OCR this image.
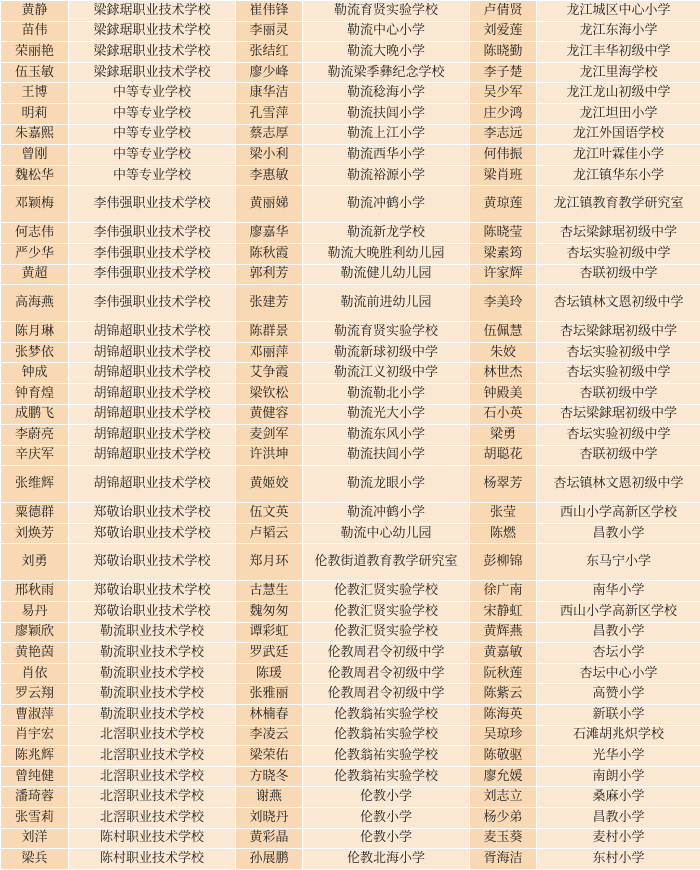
黄静	梁銶琚职业技术学校	崔伟锋	勒流育贤实验学校	卢倩贤	龙江城区中心小学
苗伟	梁銶琚职业技术学校	李丽灵	勒流中心小学	刘爱莲	龙江东海小学
荣丽艳	梁銶琚职业技术学校	张结红	勒流大晚小学	陈晓勤	龙江丰华初级中学
伍玉敏	梁銶琚职业技术学校	廖少峰	勒流梁季彝纪念学校	李子楚	龙江里海学校
王博	中等专业学校	康华洁	勒流稔海小学	吴少军	龙江龙山初级中学
明莉	中等专业学校	孔雪萍	勒流扶闾小学	庄少鸿	龙江坦田小学
朱嘉熙	中等专业学校	蔡志厚	勒流上江小学	李志远	龙江外国语学校
曾刚	中等专业学校	梁小利	勒流西华小学	何伟振	龙江叶霖佳小学
魏松华	中等专业学校	李惠敏	勒流裕源小学	梁肖班	龙江镇华东小学
邓颖梅	李伟强职业技术学校	黄丽娣	勒流冲鹤小学	黄琼莲	龙江镇教育教学研究室
何志伟	李伟强职业技术学校	廖嘉华	勒流新龙学校	陈晓莹	杏坛梁銶琚初级中学
严少华	李伟强职业技术学校	陈秋霞	勒流大晚胜利幼儿园	梁素筠	杏坛实验初级中学
黄超	李伟强职业技术学校	郭利芳	勒流健儿幼儿园	许家辉	杏联初级中学
高海燕	李伟强职业技术学校	张建芳	勒流前进幼儿园	李美玲	杏坛镇林文恩初级中学
陈月琳	胡锦超职业技术学校	陈群景	勒流育贤实验学校	伍佩慧	杏坛梁銶琚初级中学
张梦依	胡锦超职业技术学校	邓丽萍	勒流新球初级中学	朱姣	杏坛实验初级中学
钟成	胡锦超职业技术学校	艾争霞	勒流江义初级中学	林世杰	杏坛实验初级中学
钟育煌	胡锦超职业技术学校	梁钦松	勒流勒北小学	钟殿美	杏联初级中学
成鹏飞	胡锦超职业技术学校	黄健容	勒流光大小学	石小英	杏坛梁銶琚初级中学
李蔚亮	胡锦超职业技术学校	麦剑军	勒流东风小学	梁勇	杏坛实验初级中学
辛庆军	胡锦超职业技术学校	许洪坤	勒流扶闾小学	胡聪花	杏联初级中学
张维辉	胡锦超职业技术学校	黄姬姣	勒流龙眼小学	杨翠芳	杏坛镇林文恩初级中学
粟德群	郑敬诒职业技术学校	伍文英	勒流冲鹤小学	张莹	西山小学高新区学校
刘焕芳	郑敬诒职业技术学校	卢韬云	勒流中心幼儿园	陈燃	昌教小学
刘勇	郑敬诒职业技术学校	郑月环	伦教街道教育教学研究室	彭柳锦	东马宁小学
邢秋雨	郑敬诒职业技术学校	古慧生	伦教汇贤实验学校	徐广南	南华小学
易丹	郑敬诒职业技术学校	魏匆匆	伦教汇贤实验学校	宋静虹	西山小学高新区学校
廖颖欣	勒流职业技术学校	谭彩虹	伦教汇贤实验学校	黄辉燕	昌教小学
黄艳茵	勒流职业技术学校	罗武廷	伦教周君令初级中学	黄嘉敏	杏坛小学
肖依	勒流职业技术学校	陈瑗	伦教周君令初级中学	阮秋莲	杏坛中心小学
罗云翔	勒流职业技术学校	张雅丽	伦教周君令初级中学	陈紫云	高赞小学
曹淑萍	勒流职业技术学校	林楠春	伦教翁祐实验学校	陈海英	新联小学
肖宇宏	北滘职业技术学校	李凌云	伦教翁祐实验学校	吴琼珍	石滩胡兆炽学校
陈兆辉	北滘职业技术学校	梁荣佑	伦教翁祐实验学校	陈敬驱	光华小学
曾纯健	北滘职业技术学校	方晓冬	伦教翁祐实验学校	廖允媛	南朗小学
潘琦蓉	北滘职业技术学校	谢燕	伦教小学	刘志立	桑麻小学
张雪莉	北滘职业技术学校	刘晓丹	伦教小学	杨少弟	昌教小学
刘洋	陈村职业技术学校	黄彩晶	伦教小学	麦玉葵	麦村小学
梁兵	陈村职业技术学校	孙展鹏	伦教北海小学	胥海洁	东村小学
